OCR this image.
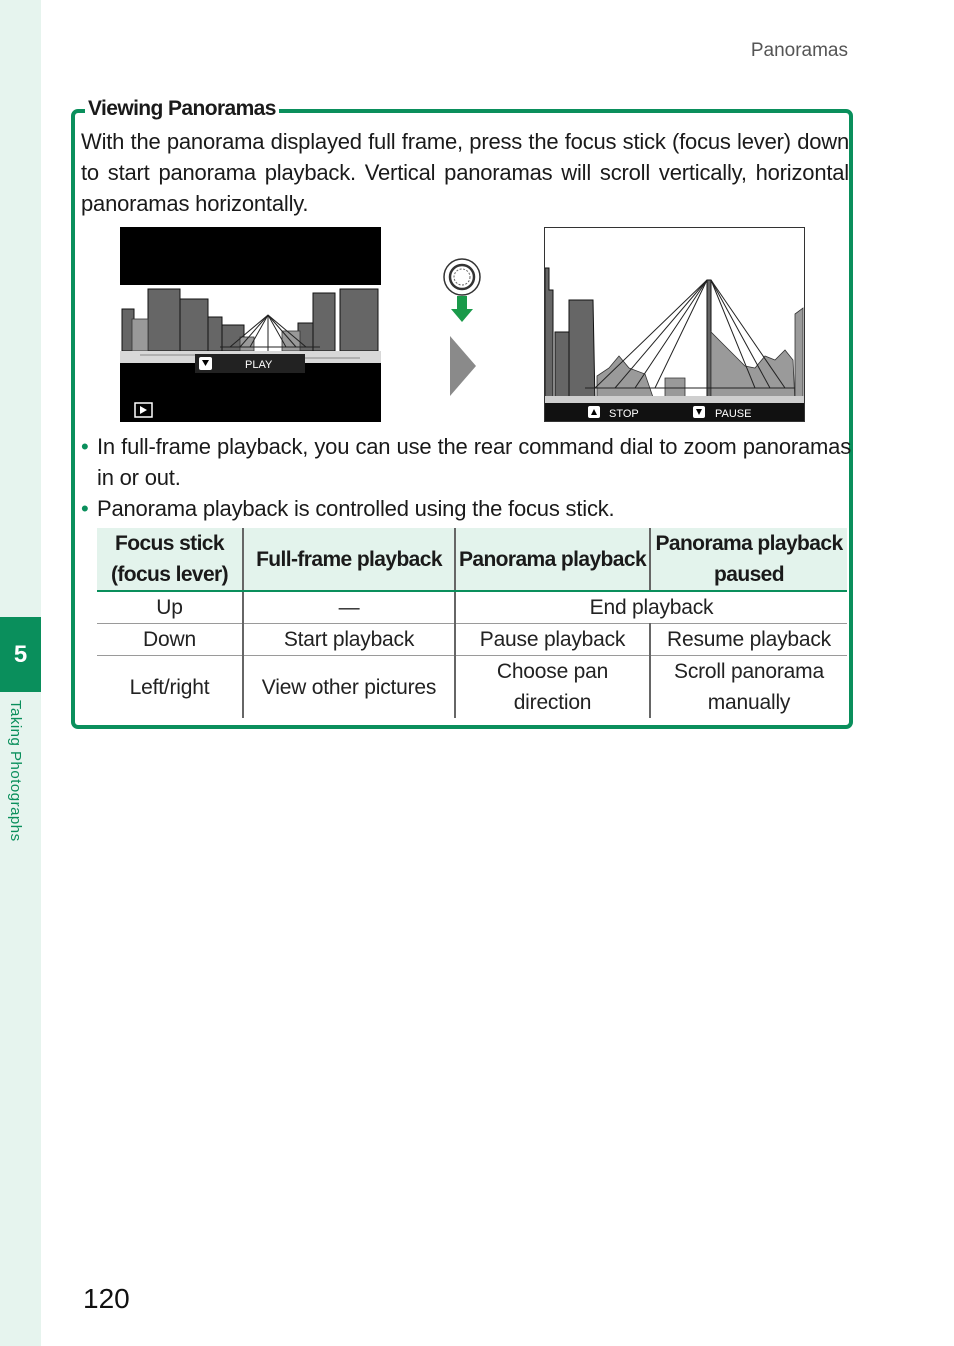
5
Taking Photographs
Panoramas
Viewing Panoramas
With the panorama displayed full frame, press the focus stick (focus lever) down to start panorama playback. Vertical panoramas will scroll vertically, horizontal panoramas horizontally.
PLAY
STOP	PAUSE
• In full-frame playback, you can use the rear command dial to zoom panoramas in or out.
• Panorama playback is controlled using the focus stick.
Focus stick (focus lever)	Full-frame playback	Panorama playback	Panorama playback paused
Up	—	End playback	
Down	Start playback	Pause playback	Resume playback
Left/right	View other pictures	Choose pan direction	Scroll panorama manually
120
